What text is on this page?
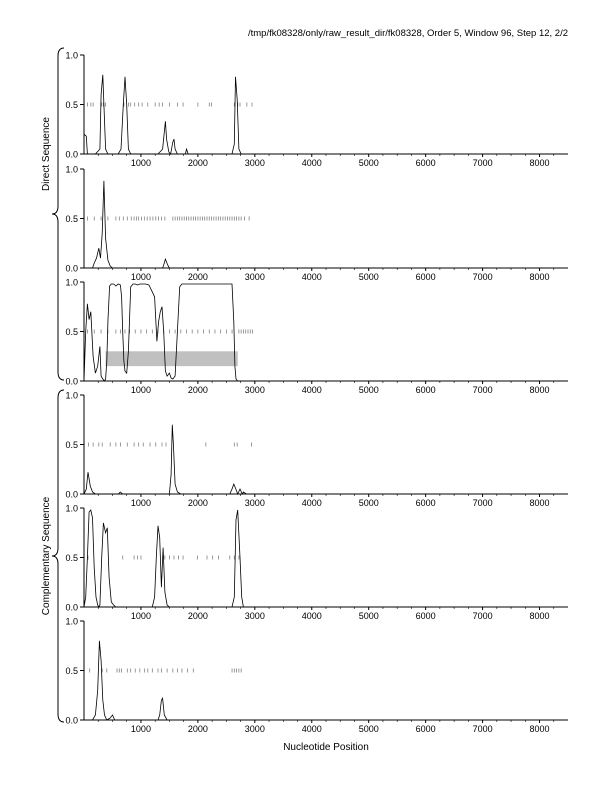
/tmp/fk08328/only/raw_result_dir/fk08328, Order 5, Window 96, Step 12, 2/2
Nucleotide Position
Direct Sequence
Complementary Sequence
0.0
0.5
1.0
1000	2000	3000	4000	5000	6000	7000	8000
0.0
0.5
1.0
1000	2000	3000	4000	5000	6000	7000	8000
0.0
0.5
1.0
1000	2000	3000	4000	5000	6000	7000	8000
0.0
0.5
1.0
1000	2000	3000	4000	5000	6000	7000	8000
0.0
0.5
1.0
1000	2000	3000	4000	5000	6000	7000	8000
0.0
0.5
1.0
1000	2000	3000	4000	5000	6000	7000	8000
